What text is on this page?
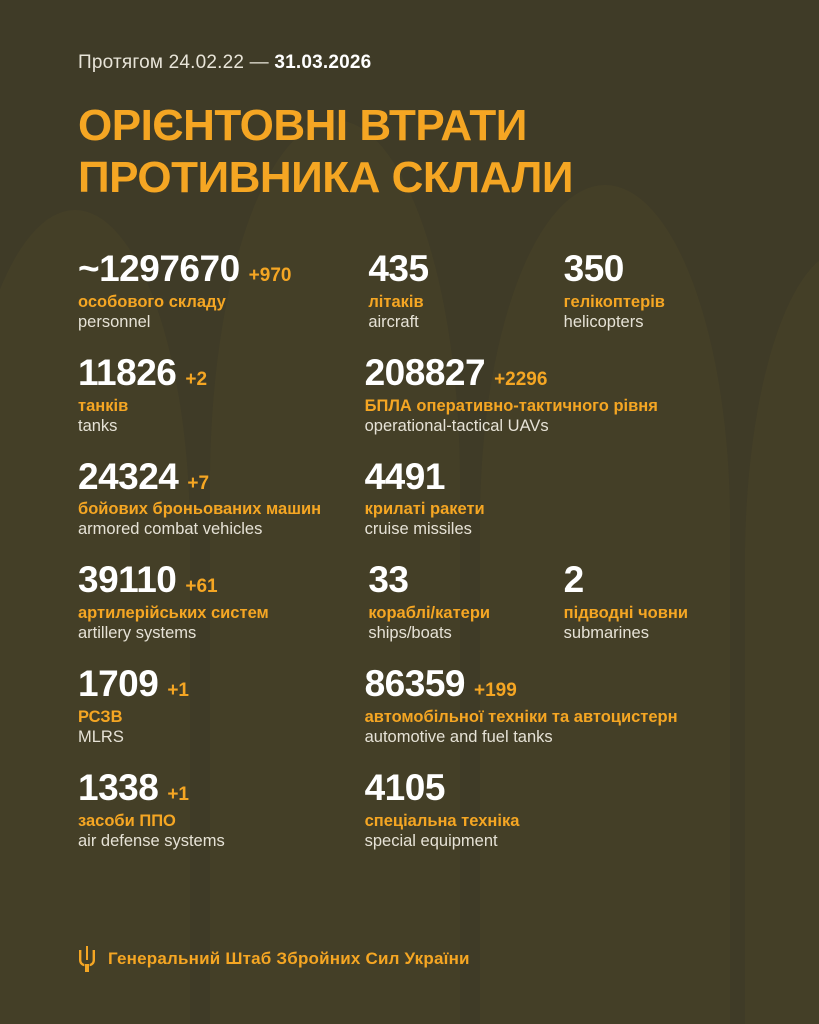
Протягом 24.02.22 — 31.03.2026
ОРІЄНТОВНІ ВТРАТИ
ПРОТИВНИКА СКЛАЛИ
~1297670 +970
особового складу
personnel
435
літаків
aircraft
350
гелікоптерів
helicopters
11826 +2
танків
tanks
208827 +2296
БПЛА оперативно-тактичного рівня
operational-tactical UAVs
24324 +7
бойових броньованих машин
armored combat vehicles
4491
крилаті ракети
cruise missiles
39110 +61
артилерійських систем
artillery systems
33
кораблі/катери
ships/boats
2
підводні човни
submarines
1709 +1
РСЗВ
MLRS
86359 +199
автомобільної техніки та автоцистерн
automotive and fuel tanks
1338 +1
засоби ППО
air defense systems
4105
спеціальна техніка
special equipment
Генеральний Штаб Збройних Сил України
